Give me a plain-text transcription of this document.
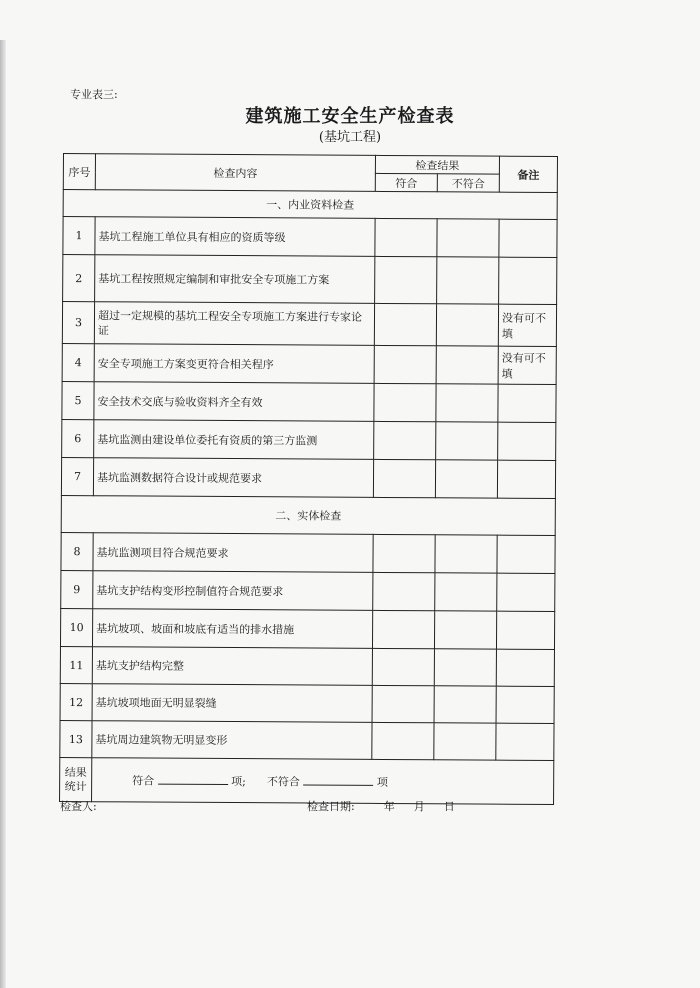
专业表三:
建筑施工安全生产检查表
(基坑工程)
序号	检查内容	检查结果		备注
		符合	不符合	
一、内业资料检查				
1	基坑工程施工单位具有相应的资质等级			
2	基坑工程按照规定编制和审批安全专项施工方案			
3	超过一定规模的基坑工程安全专项施工方案进行专家论证			没有可不填
4	安全专项施工方案变更符合相关程序			没有可不填
5	安全技术交底与验收资料齐全有效			
6	基坑监测由建设单位委托有资质的第三方监测			
7	基坑监测数据符合设计或规范要求			
二、实体检查				
8	基坑监测项目符合规范要求			
9	基坑支护结构变形控制值符合规范要求			
10	基坑坡项、坡面和坡底有适当的排水措施			
11	基坑支护结构完整			
12	基坑坡项地面无明显裂缝			
13	基坑周边建筑物无明显变形			
结果
统计	符合 项; 不符合 项			
检查人:	检查日期:	年 月 日
